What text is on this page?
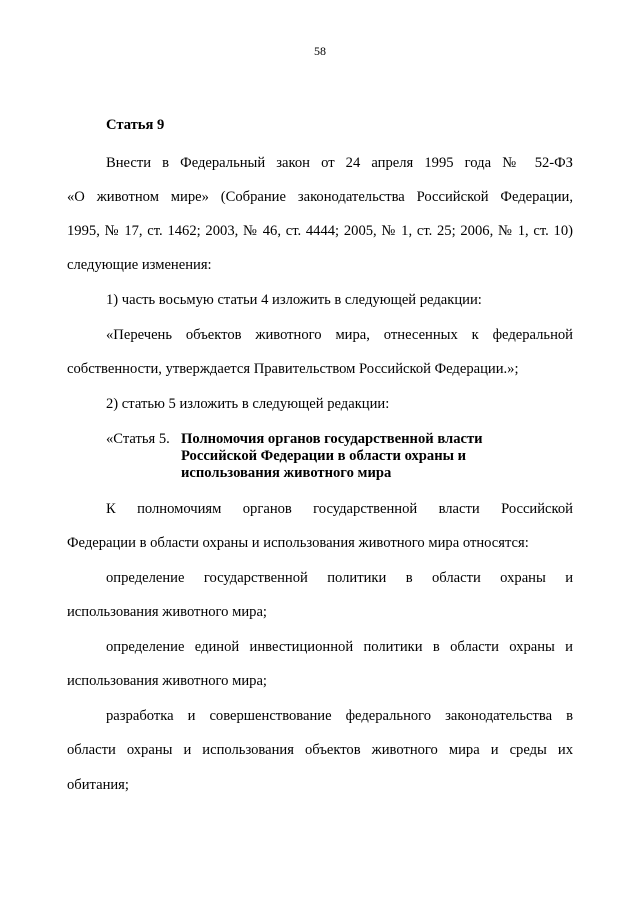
58
Статья 9
Внести в Федеральный закон от 24 апреля 1995 года № 52-ФЗ
«О животном мире» (Собрание законодательства Российской Федерации,
1995, № 17, ст. 1462; 2003, № 46, ст. 4444; 2005, № 1, ст. 25; 2006, № 1, ст. 10)
следующие изменения:
1) часть восьмую статьи 4 изложить в следующей редакции:
«Перечень объектов животного мира, отнесенных к федеральной
собственности, утверждается Правительством Российской Федерации.»;
2) статью 5 изложить в следующей редакции:
«Статья 5. Полномочия органов государственной власти
Российской Федерации в области охраны и
использования животного мира
К полномочиям органов государственной власти Российской
Федерации в области охраны и использования животного мира относятся:
определение государственной политики в области охраны и
использования животного мира;
определение единой инвестиционной политики в области охраны и
использования животного мира;
разработка и совершенствование федерального законодательства в
области охраны и использования объектов животного мира и среды их
обитания;
